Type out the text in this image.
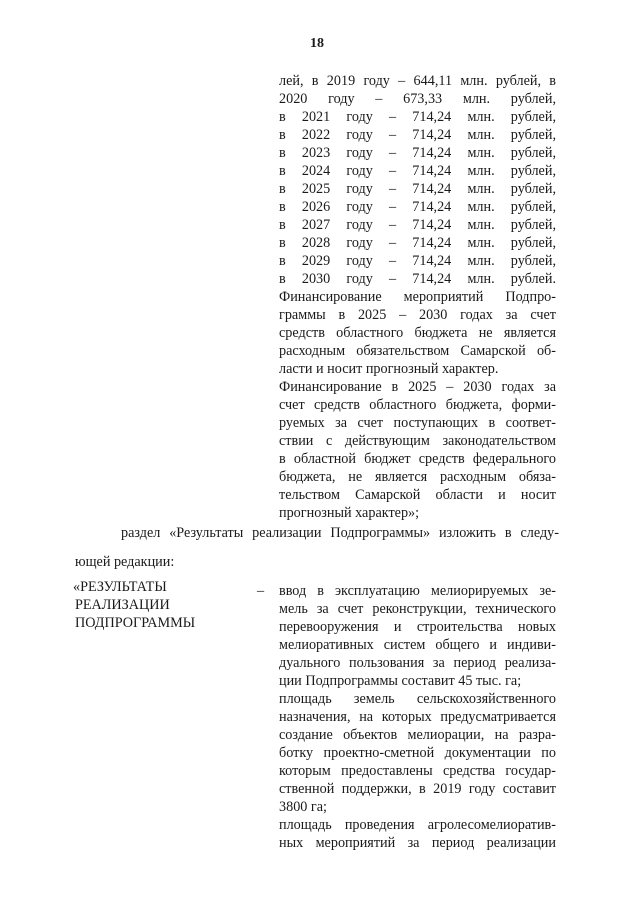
18
лей, в 2019 году – 644,11 млн. рублей, в
2020 году – 673,33 млн. рублей,
в 2021 году – 714,24 млн. рублей,
в 2022 году – 714,24 млн. рублей,
в 2023 году – 714,24 млн. рублей,
в 2024 году – 714,24 млн. рублей,
в 2025 году – 714,24 млн. рублей,
в 2026 году – 714,24 млн. рублей,
в 2027 году – 714,24 млн. рублей,
в 2028 году – 714,24 млн. рублей,
в 2029 году – 714,24 млн. рублей,
в 2030 году – 714,24 млн. рублей.
Финансирование мероприятий Подпро-
граммы в 2025 – 2030 годах за счет
средств областного бюджета не является
расходным обязательством Самарской об-
ласти и носит прогнозный характер.
Финансирование в 2025 – 2030 годах за
счет средств областного бюджета, форми-
руемых за счет поступающих в соответ-
ствии с действующим законодательством
в областной бюджет средств федерального
бюджета, не является расходным обяза-
тельством Самарской области и носит
прогнозный характер»;
раздел «Результаты реализации Подпрограммы» изложить в следу-
ющей редакции:
«РЕЗУЛЬТАТЫ
РЕАЛИЗАЦИИ
ПОДПРОГРАММЫ
– ввод в эксплуатацию мелиорируемых зе-
мель за счет реконструкции, технического
перевооружения и строительства новых
мелиоративных систем общего и индиви-
дуального пользования за период реализа-
ции Подпрограммы составит 45 тыс. га;
площадь земель сельскохозяйственного
назначения, на которых предусматривается
создание объектов мелиорации, на разра-
ботку проектно-сметной документации по
которым предоставлены средства государ-
ственной поддержки, в 2019 году составит
3800 га;
площадь проведения агролесомелиоратив-
ных мероприятий за период реализации
